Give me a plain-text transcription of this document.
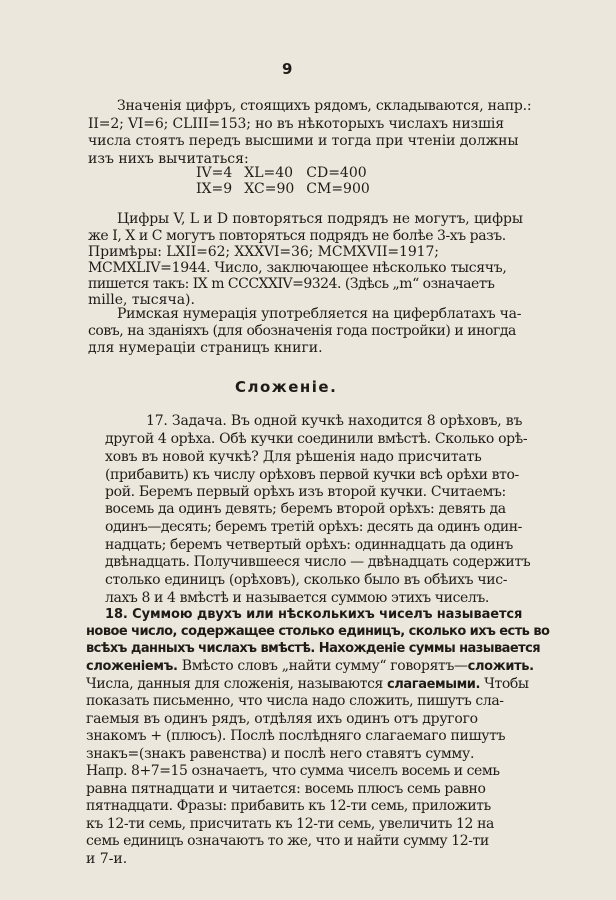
9
Значенія цифръ, стоящихъ рядомъ, складываются, напр.:
II=2; VI=6; CLIII=153; но въ нѣкоторыхъ числахъ низшія
числа стоятъ передъ высшими и тогда при чтеніи должны
изъ нихъ вычитаться:
IV=4	XL=40	CD=400
IX=9	XC=90	CM=900
Цифры V, L и D повторяться подрядъ не могутъ, цифры
же I, X и C могутъ повторяться подрядъ не болѣе 3-хъ разъ.
Примѣры: LXII=62; XXXVI=36; MCMXVII=1917;
MCMXLIV=1944. Число, заключающее нѣсколько тысячъ,
пишется такъ: IX m CCCXXIV=9324. (Здѣсь „m“ означаетъ
mille, тысяча).
Римская нумерація употребляется на циферблатахъ ча-
совъ, на зданіяхъ (для обозначенія года постройки) и иногда
для нумераціи страницъ книги.
Сложеніе.
17. Задача. Въ одной кучкѣ находится 8 орѣховъ, въ
другой 4 орѣха. Обѣ кучки соединили вмѣстѣ. Сколько орѣ-
ховъ въ новой кучкѣ? Для рѣшенія надо присчитать
(прибавить) къ числу орѣховъ первой кучки всѣ орѣхи вто-
рой. Беремъ первый орѣхъ изъ второй кучки. Считаемъ:
восемь да одинъ девять; беремъ второй орѣхъ: девять да
одинъ—десять; беремъ третій орѣхъ: десять да одинъ один-
надцать; беремъ четвертый орѣхъ: одиннадцать да одинъ
двѣнадцать. Получившееся число — двѣнадцать содержитъ
столько единицъ (орѣховъ), сколько было въ обѣихъ чис-
лахъ 8 и 4 вмѣстѣ и называется суммою этихъ чиселъ.
18. Суммою двухъ или нѣсколькихъ чиселъ называется
новое число, содержащее столько единицъ, сколько ихъ есть во
всѣхъ данныхъ числахъ вмѣстѣ. Нахожденіе суммы называется
сложеніемъ. Вмѣсто словъ „найти сумму“ говорятъ—сложить.
Числа, данныя для сложенія, называются слагаемыми. Чтобы
показать письменно, что числа надо сложить, пишутъ сла-
гаемыя въ одинъ рядъ, отдѣляя ихъ одинъ отъ другого
знакомъ + (плюсъ). Послѣ послѣдняго слагаемаго пишутъ
знакъ=(знакъ равенства) и послѣ него ставятъ сумму.
Напр. 8+7=15 означаетъ, что сумма чиселъ восемь и семь
равна пятнадцати и читается: восемь плюсъ семь равно
пятнадцати. Фразы: прибавить къ 12-ти семь, приложить
къ 12-ти семь, присчитать къ 12-ти семь, увеличить 12 на
семь единицъ означаютъ то же, что и найти сумму 12-ти
и 7-и.
